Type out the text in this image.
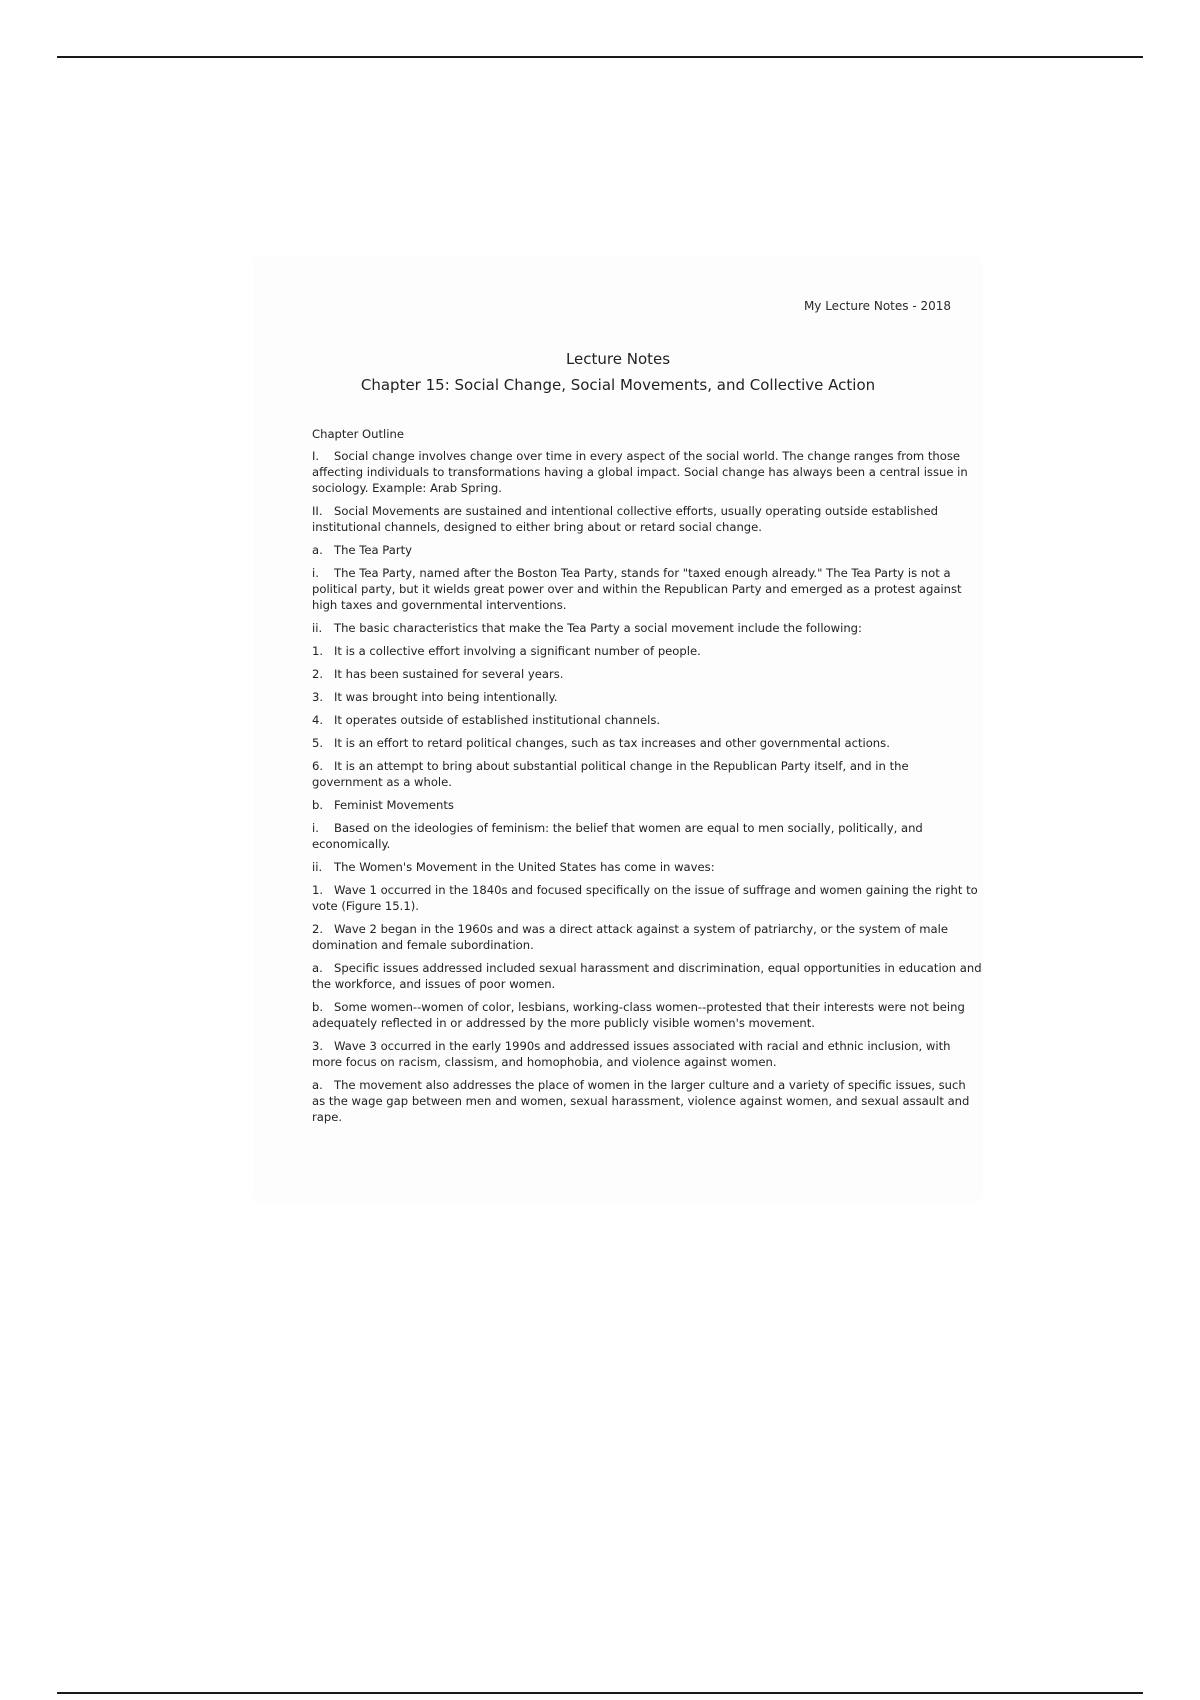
My Lecture Notes - 2018
Lecture Notes
Chapter 15: Social Change, Social Movements, and Collective Action

Chapter Outline

I. Social change involves change over time in every aspect of the social world. The change ranges from those affecting individuals to transformations having a global impact. Social change has always been a central issue in sociology. Example: Arab Spring.

II. Social Movements are sustained and intentional collective efforts, usually operating outside established institutional channels, designed to either bring about or retard social change.

a. The Tea Party

i. The Tea Party, named after the Boston Tea Party, stands for "taxed enough already." The Tea Party is not a political party, but it wields great power over and within the Republican Party and emerged as a protest against high taxes and governmental interventions.

ii. The basic characteristics that make the Tea Party a social movement include the following:

1. It is a collective effort involving a significant number of people.

2. It has been sustained for several years.

3. It was brought into being intentionally.

4. It operates outside of established institutional channels.

5. It is an effort to retard political changes, such as tax increases and other governmental actions.

6. It is an attempt to bring about substantial political change in the Republican Party itself, and in the government as a whole.

b. Feminist Movements

i. Based on the ideologies of feminism: the belief that women are equal to men socially, politically, and economically.

ii. The Women's Movement in the United States has come in waves:

1. Wave 1 occurred in the 1840s and focused specifically on the issue of suffrage and women gaining the right to vote (Figure 15.1).

2. Wave 2 began in the 1960s and was a direct attack against a system of patriarchy, or the system of male domination and female subordination.

a. Specific issues addressed included sexual harassment and discrimination, equal opportunities in education and the workforce, and issues of poor women.

b. Some women--women of color, lesbians, working-class women--protested that their interests were not being adequately reflected in or addressed by the more publicly visible women's movement.

3. Wave 3 occurred in the early 1990s and addressed issues associated with racial and ethnic inclusion, with more focus on racism, classism, and homophobia, and violence against women.

a. The movement also addresses the place of women in the larger culture and a variety of specific issues, such as the wage gap between men and women, sexual harassment, violence against women, and sexual assault and rape.
